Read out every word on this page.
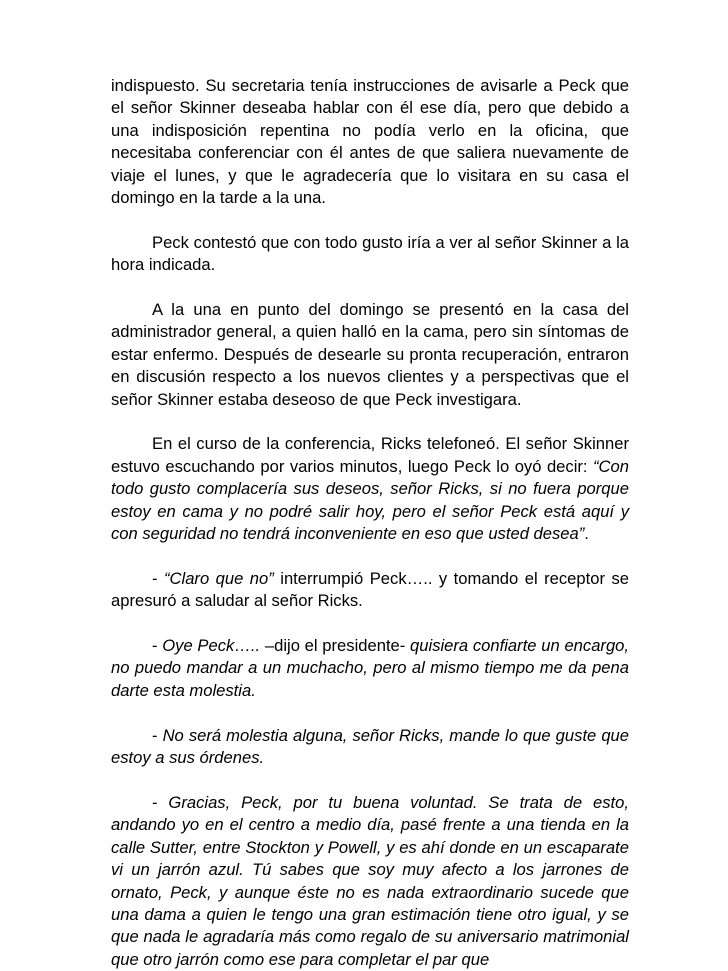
indispuesto. Su secretaria tenía instrucciones de avisarle a Peck que el señor Skinner deseaba hablar con él ese día, pero que debido a una indisposición repentina no podía verlo en la oficina, que necesitaba conferenciar con él antes de que saliera nuevamente de viaje el lunes, y que le agradecería que lo visitara en su casa el domingo en la tarde a la una.

Peck contestó que con todo gusto iría a ver al señor Skinner a la hora indicada.

A la una en punto del domingo se presentó en la casa del administrador general, a quien halló en la cama, pero sin síntomas de estar enfermo. Después de desearle su pronta recuperación, entraron en discusión respecto a los nuevos clientes y a perspectivas que el señor Skinner estaba deseoso de que Peck investigara.

En el curso de la conferencia, Ricks telefoneó. El señor Skinner estuvo escuchando por varios minutos, luego Peck lo oyó decir: “Con todo gusto complacería sus deseos, señor Ricks, si no fuera porque estoy en cama y no podré salir hoy, pero el señor Peck está aquí y con seguridad no tendrá inconveniente en eso que usted desea”.

- “Claro que no” interrumpió Peck….. y tomando el receptor se apresuró a saludar al señor Ricks.

- Oye Peck….. –dijo el presidente- quisiera confiarte un encargo, no puedo mandar a un muchacho, pero al mismo tiempo me da pena darte esta molestia.

- No será molestia alguna, señor Ricks, mande lo que guste que estoy a sus órdenes.

- Gracias, Peck, por tu buena voluntad. Se trata de esto, andando yo en el centro a medio día, pasé frente a una tienda en la calle Sutter, entre Stockton y Powell, y es ahí donde en un escaparate vi un jarrón azul. Tú sabes que soy muy afecto a los jarrones de ornato, Peck, y aunque éste no es nada extraordinario sucede que una dama a quien le tengo una gran estimación tiene otro igual, y se que nada le agradaría más como regalo de su aniversario matrimonial que otro jarrón como ese para completar el par que
